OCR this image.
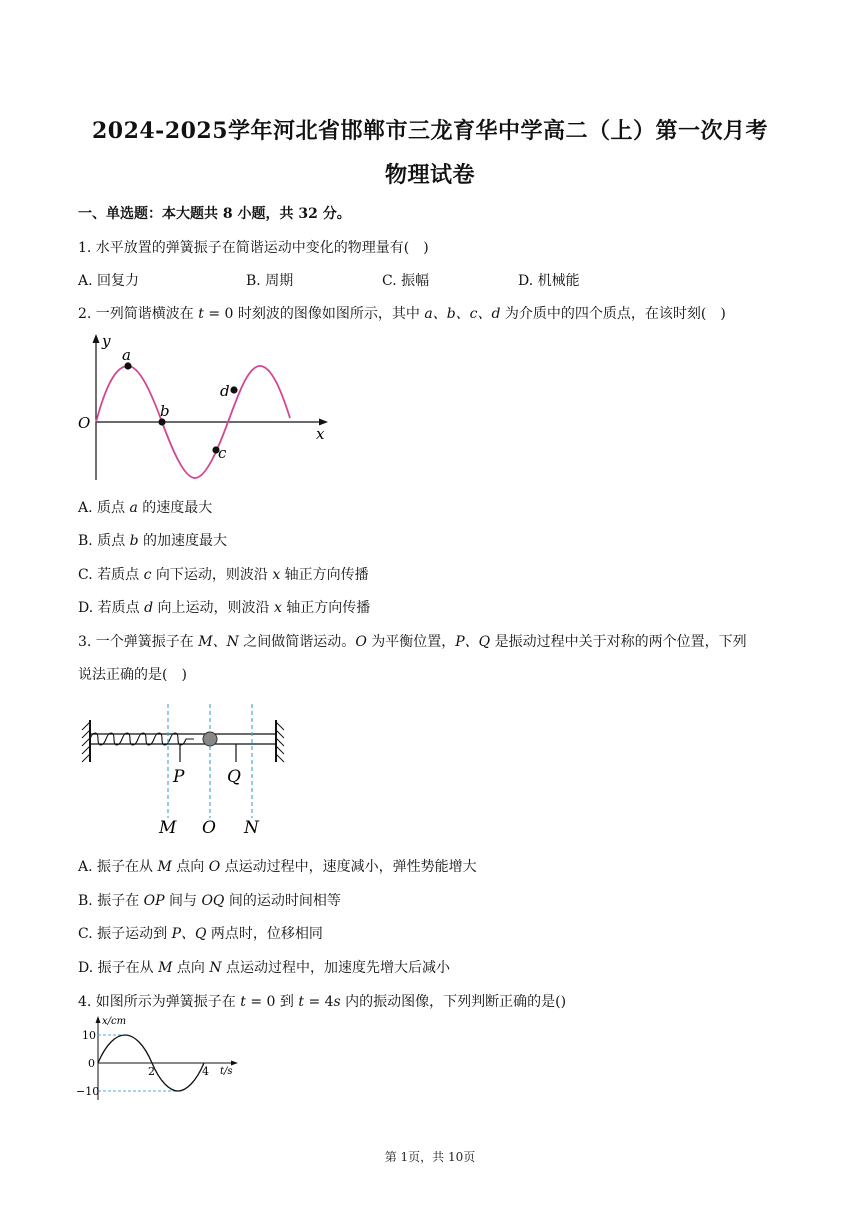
2024-2025学年河北省邯郸市三龙育华中学高二（上）第一次月考
物理试卷
一、单选题：本大题共 8 小题，共 32 分。
1. 水平放置的弹簧振子在简谐运动中变化的物理量有(　)
A. 回复力	B. 周期	C. 振幅	D. 机械能
2. 一列简谐横波在 t = 0 时刻波的图像如图所示，其中 a、b、c、d 为介质中的四个质点，在该时刻(　)
y
x
O
a
b
c
d
A. 质点 a 的速度最大
B. 质点 b 的加速度最大
C. 若质点 c 向下运动，则波沿 x 轴正方向传播
D. 若质点 d 向上运动，则波沿 x 轴正方向传播
3. 一个弹簧振子在 M、N 之间做简谐运动。O 为平衡位置，P、Q 是振动过程中关于对称的两个位置，下列
说法正确的是(　)
P	Q
M O N
A. 振子在从 M 点向 O 点运动过程中，速度减小，弹性势能增大
B. 振子在 OP 间与 OQ 间的运动时间相等
C. 振子运动到 P、Q 两点时，位移相同
D. 振子在从 M 点向 N 点运动过程中，加速度先增大后减小
4. 如图所示为弹簧振子在 t = 0 到 t = 4s 内的振动图像，下列判断正确的是()
x/cm
t/s
10
0
−10
2	4
第 1页，共 10页
